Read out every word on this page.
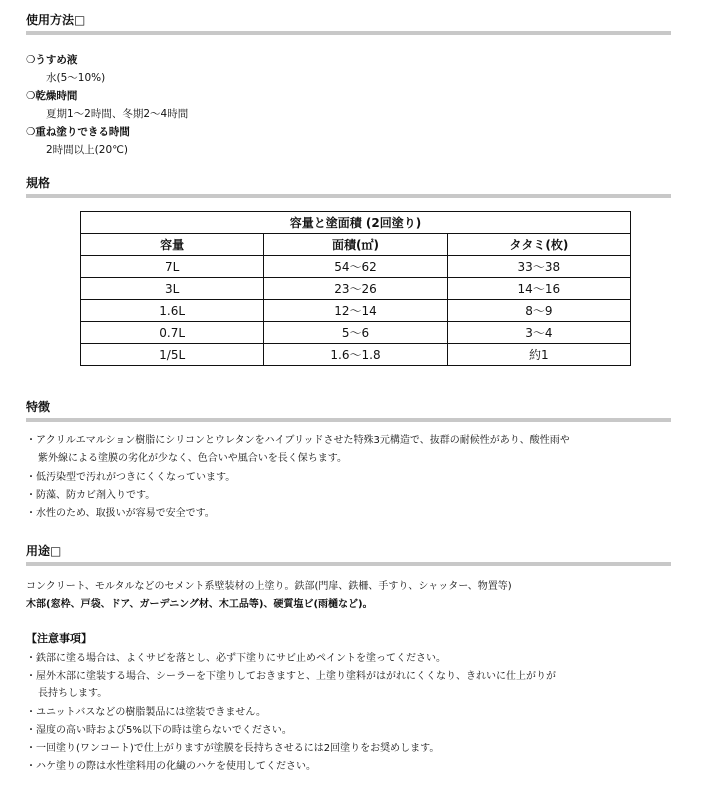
使用方法□
❍うすめ液
水(5〜10%)
❍乾燥時間
夏期1〜2時間、冬期2〜4時間
❍重ね塗りできる時間
2時間以上(20℃)
規格
容量と塗面積 (2回塗り)		
容量	面積(㎡)	タタミ(枚)
7L	54〜62	33〜38
3L	23〜26	14〜16
1.6L	12〜14	8〜9
0.7L	5〜6	3〜4
1/5L	1.6〜1.8	約1
特徴
・アクリルエマルション樹脂にシリコンとウレタンをハイブリッドさせた特殊3元構造で、抜群の耐候性があり、酸性雨や
紫外線による塗膜の劣化が少なく、色合いや風合いを長く保ちます。
・低汚染型で汚れがつきにくくなっています。
・防藻、防カビ剤入りです。
・水性のため、取扱いが容易で安全です。
用途□
コンクリート、モルタルなどのセメント系壁装材の上塗り。鉄部(門扉、鉄柵、手すり、シャッター、物置等)
木部(窓枠、戸袋、ドア、ガーデニング材、木工品等)、硬質塩ビ(雨樋など)。
【注意事項】
・鉄部に塗る場合は、よくサビを落とし、必ず下塗りにサビ止めペイントを塗ってください。
・屋外木部に塗装する場合、シーラーを下塗りしておきますと、上塗り塗料がはがれにくくなり、きれいに仕上がりが
長持ちします。
・ユニットバスなどの樹脂製品には塗装できません。
・湿度の高い時および5%以下の時は塗らないでください。
・一回塗り(ワンコート)で仕上がりますが塗膜を長持ちさせるには2回塗りをお奨めします。
・ハケ塗りの際は水性塗料用の化繊のハケを使用してください。
